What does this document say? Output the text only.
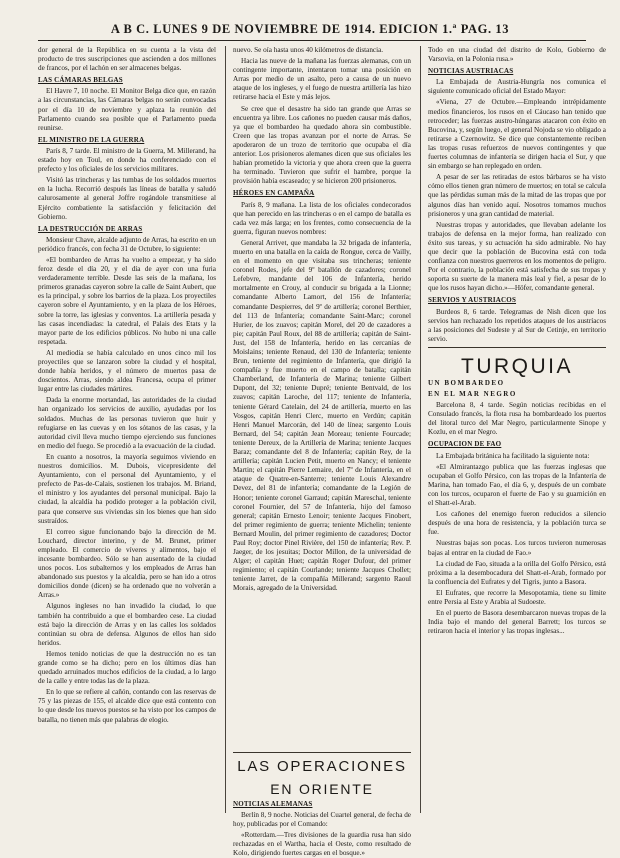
A B C. LUNES 9 DE NOVIEMBRE DE 1914. EDICION 1.ª PAG. 13

dor general de la República en su cuenta a la vista del producto de tres suscripciones que ascienden a dos millones de francos, por el lachón en ser almacenes belgas.

LAS CÁMARAS BELGAS

El Havre 7, 10 noche. El Monitor Belga dice que, en razón a las circunstancias, las Cámaras belgas no serán convocadas por el día 10 de noviembre y aplaza la reunión del Parlamento cuando sea posible que el Parlamento pueda reunirse.

EL MINISTRO DE LA GUERRA

París 8, 7 tarde. El ministro de la Guerra, M. Millerand, ha estado hoy en Toul, en donde ha conferenciado con el prefecto y los oficiales de los servicios militares.

Visitó las trincheras y las tumbas de los soldados muertos en la lucha. Recorrió después las líneas de batalla y saludó calurosamente al general Joffre rogándole transmitiese al Ejército combatiente la satisfacción y felicitación del Gobierno.

LA DESTRUCCIÓN DE ARRAS

Monsieur Chave, alcalde adjunto de Arras, ha escrito en un periódico francés, con fecha 31 de Octubre, lo siguiente:

«El bombardeo de Arras ha vuelto a empezar, y ha sido feroz desde el día 20, y el día de ayer con una furia verdaderamente terrible. Desde las seis de la mañana, los primeros granadas cayeron sobre la calle de Saint Aubert, que es la principal, y sobre los barrios de la plaza. Los proyectiles cayeron sobre el Ayuntamiento, y en la plaza de los Héroes, sobre la torre, las iglesias y conventos. La artillería pesada y las casas incendiadas: la catedral, el Palais des Etats y la mayor parte de los edificios públicos. No hubo ni una calle respetada.

Al mediodía se había calculado en unos cinco mil los proyectiles que se lanzaron sobre la ciudad y el hospital, donde había heridos, y el número de muertos pasa de doscientos. Arras, siendo aldea Francesa, ocupa el primer lugar entre las ciudades mártires.

Dada la enorme mortandad, las autoridades de la ciudad han organizado los servicios de auxilio, ayudadas por los soldados. Muchas de las personas tuvieron que huir y refugiarse en las cuevas y en los sótanos de las casas, y la autoridad civil lleva mucho tiempo ejerciendo sus funciones en medio del fuego. Se procedió a la evacuación de la ciudad.

En cuanto a nosotros, la mayoría seguimos viviendo en nuestros domicilios. M. Dubois, vicepresidente del Ayuntamiento, con el personal del Ayuntamiento, y el prefecto de Pas-de-Calais, sostienen los trabajos. M. Briand, el ministro y los ayudantes del personal municipal. Bajo la ciudad, la alcaldía ha podido proteger a la población civil, para que conserve sus viviendas sin los bienes que han sido sustraídos.

El correo sigue funcionando bajo la dirección de M. Louchard, director interino, y de M. Brunet, primer empleado. El comercio de víveres y alimentos, bajo el incesante bombardeo. Sólo se han ausentado de la ciudad unos pocos. Los subalternos y los empleados de Arras han abandonado sus puestos y la alcaldía, pero se han ido a otros domicilios donde (dicen) se ha ordenado que no volverán a Arras.»

Algunos ingleses no han invadido la ciudad, lo que también ha contribuido a que el bombardeo cese. La ciudad está bajo la dirección de Arras y en las calles los soldados continúan su obra de defensa. Algunos de ellos han sido heridos.

Hemos tenido noticias de que la destrucción no es tan grande como se ha dicho; pero en los últimos días han quedado arruinados muchos edificios de la ciudad, a lo largo de la calle y entre todas las de la plaza.

En lo que se refiere al cañón, contando con las reservas de 75 y las piezas de 155, el alcalde dice que está contento con lo que desde los nuevos puestos se ha visto por los campos de batalla, no tienen más que palabras de elogio.

nuevo. Se oía hasta unos 40 kilómetros de distancia.

Hacia las nueve de la mañana las fuerzas alemanas, con un contingente importante, intentaron tomar una posición en Arras por medio de un asalto, pero a causa de un nuevo ataque de los ingleses, y el fuego de nuestra artillería las hizo retirarse hacia el Este y más lejos.

Se cree que el desastre ha sido tan grande que Arras se encuentra ya libre. Los cañones no pueden causar más daños, ya que el bombardeo ha quedado ahora sin combustible. Creen que las tropas avanzan por el norte de Arras. Se apoderaron de un trozo de territorio que ocupaba el día anterior. Los prisioneros alemanes dicen que sus oficiales les habían prometido la victoria y que ahora creen que la guerra ha terminado. Tuvieron que sufrir el hambre, porque la provisión había escaseado; y se hicieron 200 prisioneros.

HÉROES EN CAMPAÑA

París 8, 9 mañana. La lista de los oficiales condecorados que han perecido en las trincheras o en el campo de batalla es cada vez más larga; en los frentes, como consecuencia de la guerra, figuran nuevos nombres:

General Arrivet, que mandaba la 32 brigada de infantería, muerto en una batalla en la caída de Rongue, cerca de Vailly, en el momento en que visitaba sus trincheras; teniente coronel Rodes, jefe del 9º batallón de cazadores; coronel Lefebvre, mandante del 106 de Infantería, herido mortalmente en Crouy, al conducir su brigada a la Lionne; comandante Alberto Lamort, del 156 de Infantería; comandante Despierres, del 9º de artillería; coronel Berthier, del 113 de Infantería; comandante Saint-Marc; coronel Hurier, de los zuavos; capitán Morel, del 20 de cazadores a pie; capitán Paul Roux, del 88 de artillería; capitán de Saint-Just, del 158 de Infantería, herido en las cercanías de Moislains; teniente Renaud, del 130 de Infantería; teniente Brun, teniente del regimiento de Infantería, que dirigió la compañía y fue muerto en el campo de batalla; capitán Chamberland, de Infantería de Marina; teniente Gilbert Dupont, del 32; teniente Dupré; teniente Bentvald, de los zuavos; capitán Laroche, del 117; teniente de Infantería, teniente Gérard Catelain, del 24 de artillería, muerto en las Vosgos, capitán Henri Clerc, muerto en Verdún; capitán Henri Manuel Marcorán, del 140 de línea; sargento Louis Bernard, del 54; capitán Jean Moreau; teniente Fourcade; teniente Dereux, de la Artillería de Marina; teniente Jacques Baraz; comandante del 8 de Infantería; capitán Rey, de la artillería; capitán Lucien Petit, muerto en Nancy; el teniente Martin; el capitán Pierre Lemaire, del 7º de Infantería, en el ataque de Quatre-en-Santerre; teniente Louis Alexandre Devez, del 81 de infantería; comandante de la Legión de Honor; teniente coronel Garraud; capitán Mareschal, teniente coronel Fournier, del 57 de Infantería, hijo del famoso general; capitán Ernesto Lenoir; teniente Jacques Finobert, del primer regimiento de guerra; teniente Michelin; teniente Bernard Moulin, del primer regimiento de cazadores; Doctor Paul Roy; doctor Pinel Rivière, del 150 de infantería; Rev. P. Jaeger, de los jesuitas; Doctor Millon, de la universidad de Alger; el capitán Huet; capitán Roger Dufour, del primer regimiento; el capitán Courlande; teniente Jacques Chollet; teniente Jarret, de la compañía Millerand; sargento Raoul Morais, agregado de la Universidad.

LAS OPERACIONES
EN ORIENTE
NOTICIAS ALEMANAS

Berlín 8, 9 noche. Noticias del Cuartel general, de fecha de hoy, publicadas por el Comando:

«Rotterdam.—Tres divisiones de la guardia rusa han sido rechazadas en el Wartha, hacia el Oeste, como resultado de Kolo, dirigiendo fuertes cargas en el bosque.»

Todo en una ciudad del distrito de Kolo, Gobierno de Varsovia, en la Polonia rusa.»

NOTICIAS AUSTRIACAS

La Embajada de Austria-Hungría nos comunica el siguiente comunicado oficial del Estado Mayor:

«Viena, 27 de Octubre.—Empleando intrépidamente medios financieros, los rusos en el Cáucaso han tenido que retroceder; las fuerzas austro-húngaras atacaron con éxito en Bucovina, y, según luego, el general Nojoda se vio obligado a retirarse a Czernowitz. Se dice que constantemente reciben las tropas rusas refuerzos de nuevos contingentes y que fuertes columnas de infantería se dirigen hacia el Sur, y que sin embargo se han replegado en orden.

A pesar de ser las retiradas de estos bárbaros se ha visto cómo ellos tienen gran número de muertos; en total se calcula que las pérdidas suman más de la mitad de las tropas que por algunos días han venido aquí. Nosotros tomamos muchos prisioneros y una gran cantidad de material.

Nuestras tropas y autoridades, que llevaban adelante los trabajos de defensa en la mejor forma, han realizado con éxito sus tareas, y su actuación ha sido admirable. No hay que decir que la población de Bucovina está con toda confianza con nuestros guerreros en los momentos de peligro. Por el contrario, la población está satisfecha de sus tropas y soporta su suerte de la manera más leal y fiel, a pesar de lo que los rusos hayan dicho.»—Höfer, comandante general.

SERVIOS Y AUSTRIACOS

Burdeos 8, 6 tarde. Telegramas de Nish dicen que los servios han rechazado los repetidos ataques de los austríacos a las posiciones del Sudeste y al Sur de Cetinje, en territorio servio.

TURQUIA
UN BOMBARDEO
EN EL MAR NEGRO

Barcelona 8, 4 tarde. Según noticias recibidas en el Consulado francés, la flota rusa ha bombardeado los puertos del litoral turco del Mar Negro, particularmente Sinope y Kozlu, en el mar Negro.

OCUPACION DE FAO

La Embajada británica ha facilitado la siguiente nota:

«El Almirantazgo publica que las fuerzas inglesas que ocupaban el Golfo Pérsico, con las tropas de la Infantería de Marina, han tomado Fao, el día 6, y, después de un combate con los turcos, ocuparon el fuerte de Fao y su guarnición en el Shatt-el-Arab.

Los cañones del enemigo fueron reducidos a silencio después de una hora de resistencia, y la población turca se fue.

Nuestras bajas son pocas. Los turcos tuvieron numerosas bajas al entrar en la ciudad de Fao.»

La ciudad de Fao, situada a la orilla del Golfo Pérsico, está próxima a la desembocadura del Shatt-el-Arab, formado por la confluencia del Eufrates y del Tigris, junto a Basora.

El Eufrates, que recorre la Mesopotamia, tiene su límite entre Persia al Este y Arabia al Sudoeste.

En el puerto de Basora desembarcaron nuevas tropas de la India bajo el mando del general Barrett; los turcos se retiraron hacia el interior y las tropas inglesas...
